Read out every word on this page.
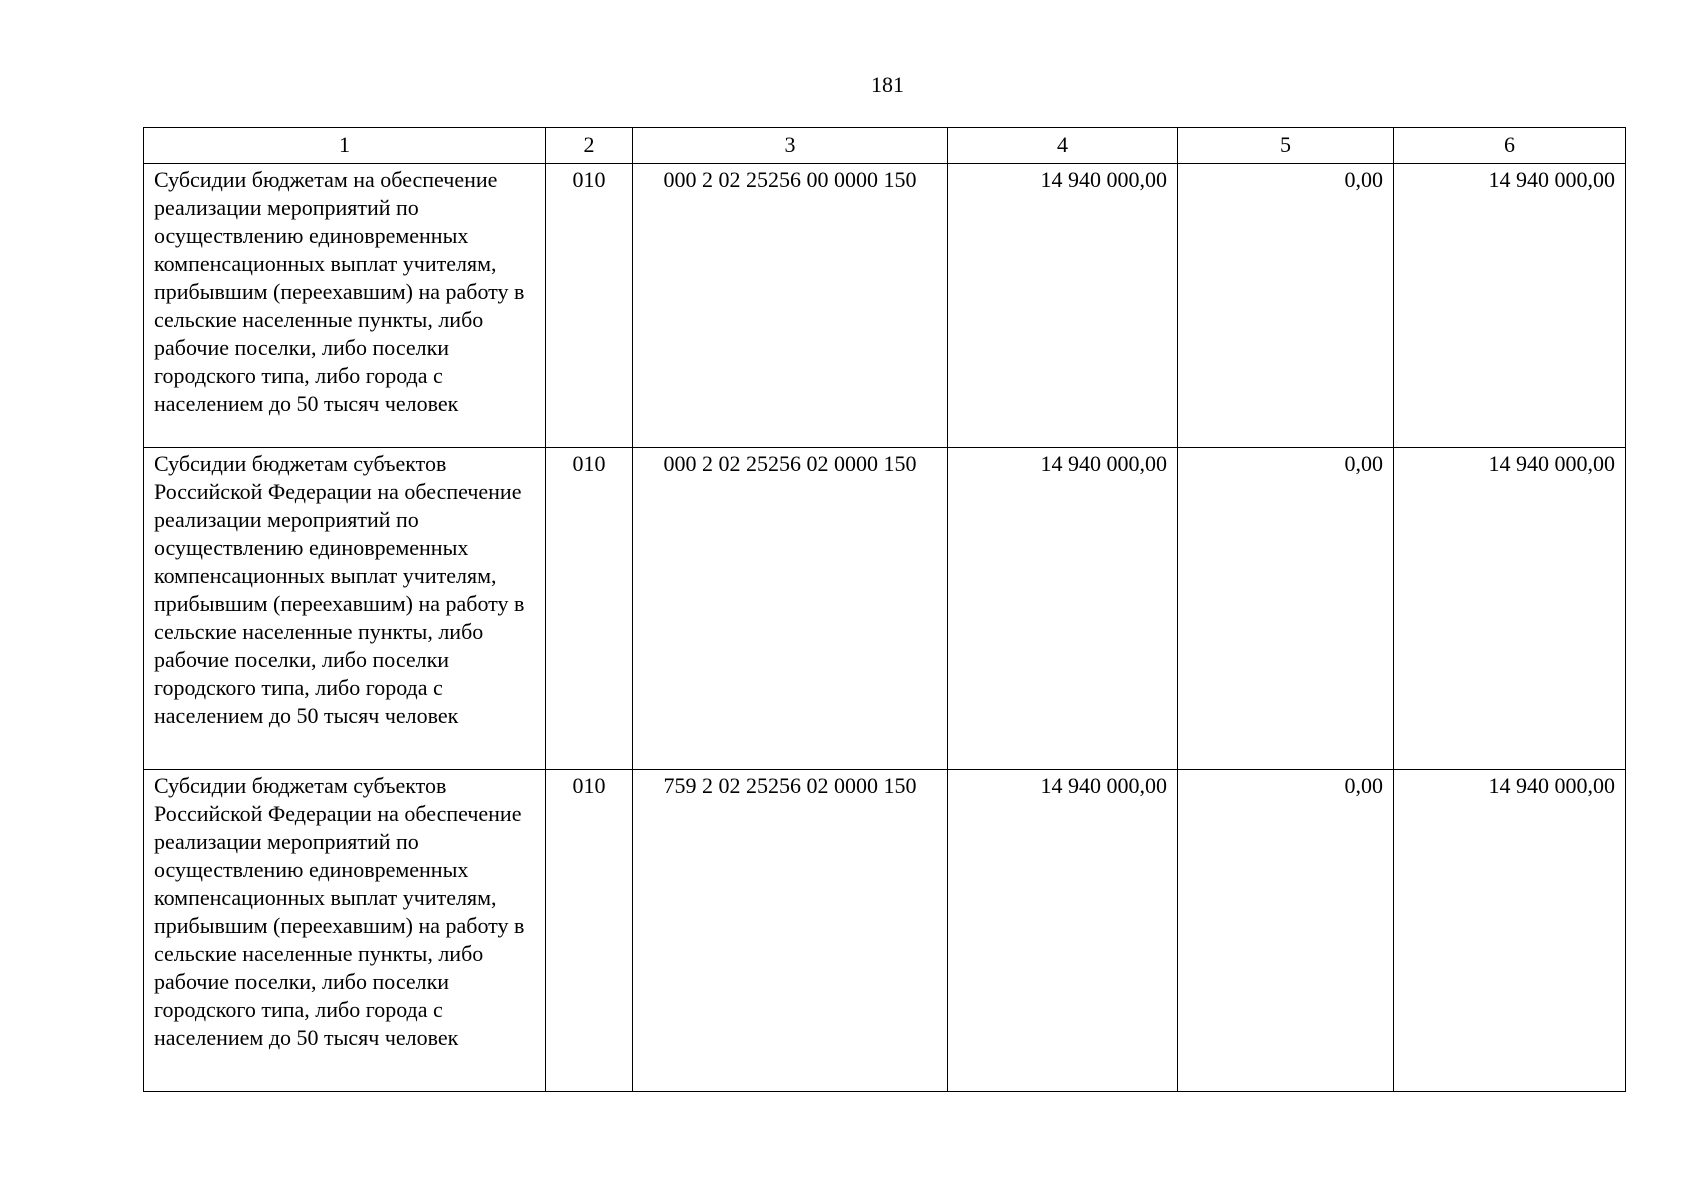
181
1	2	3	4	5	6
Субсидии бюджетам на обеспечение реализации мероприятий по осуществлению единовременных компенсационных выплат учителям, прибывшим (переехавшим) на работу в сельские населенные пункты, либо рабочие поселки, либо поселки городского типа, либо города с населением до 50 тысяч человек	010	000 2 02 25256 00 0000 150	14 940 000,00	0,00	14 940 000,00
Субсидии бюджетам субъектов Российской Федерации на обеспечение реализации мероприятий по осуществлению единовременных компенсационных выплат учителям, прибывшим (переехавшим) на работу в сельские населенные пункты, либо рабочие поселки, либо поселки городского типа, либо города с населением до 50 тысяч человек	010	000 2 02 25256 02 0000 150	14 940 000,00	0,00	14 940 000,00
Субсидии бюджетам субъектов Российской Федерации на обеспечение реализации мероприятий по осуществлению единовременных компенсационных выплат учителям, прибывшим (переехавшим) на работу в сельские населенные пункты, либо рабочие поселки, либо поселки городского типа, либо города с населением до 50 тысяч человек	010	759 2 02 25256 02 0000 150	14 940 000,00	0,00	14 940 000,00
